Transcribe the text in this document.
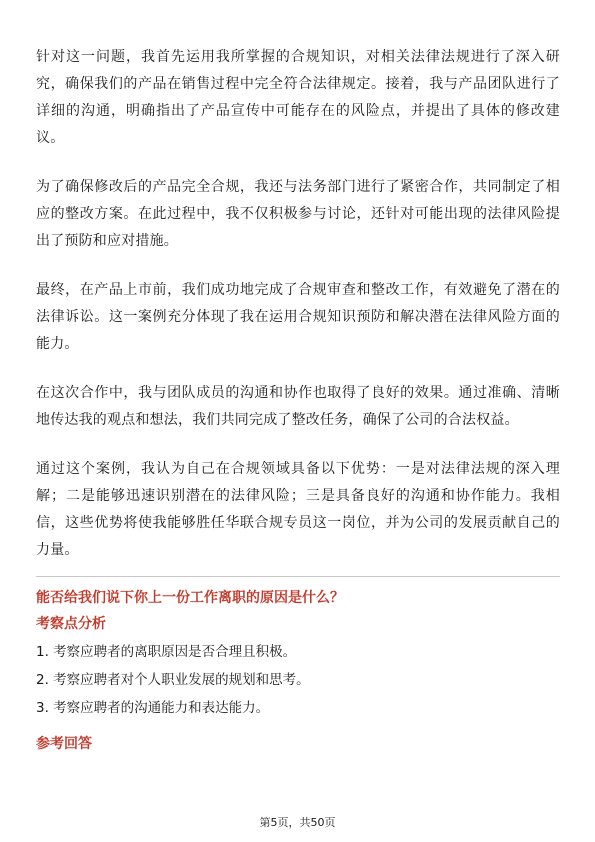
针对这一问题，我首先运用我所掌握的合规知识，对相关法律法规进行了深入研究，确保我们的产品在销售过程中完全符合法律规定。接着，我与产品团队进行了详细的沟通，明确指出了产品宣传中可能存在的风险点，并提出了具体的修改建议。

为了确保修改后的产品完全合规，我还与法务部门进行了紧密合作，共同制定了相应的整改方案。在此过程中，我不仅积极参与讨论，还针对可能出现的法律风险提出了预防和应对措施。

最终，在产品上市前，我们成功地完成了合规审查和整改工作，有效避免了潜在的法律诉讼。这一案例充分体现了我在运用合规知识预防和解决潜在法律风险方面的能力。

在这次合作中，我与团队成员的沟通和协作也取得了良好的效果。通过准确、清晰地传达我的观点和想法，我们共同完成了整改任务，确保了公司的合法权益。

通过这个案例，我认为自己在合规领域具备以下优势：一是对法律法规的深入理解；二是能够迅速识别潜在的法律风险；三是具备良好的沟通和协作能力。我相信，这些优势将使我能够胜任华联合规专员这一岗位，并为公司的发展贡献自己的力量。

能否给我们说下你上一份工作离职的原因是什么？
考察点分析
1. 考察应聘者的离职原因是否合理且积极。
2. 考察应聘者对个人职业发展的规划和思考。
3. 考察应聘者的沟通能力和表达能力。
参考回答
第5页，共50页
